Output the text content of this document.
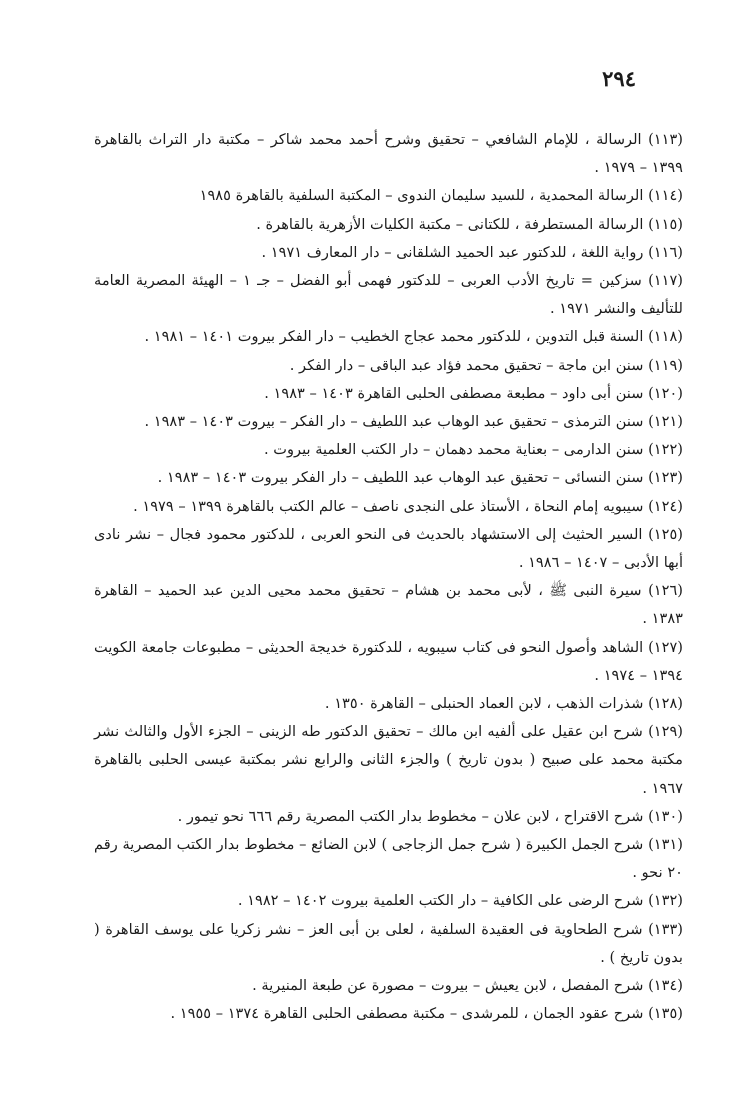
٢٩٤

(١١٣) الرسالة ، للإمام الشافعي – تحقيق وشرح أحمد محمد شاكر – مكتبة دار التراث بالقاهرة ١٣٩٩ – ١٩٧٩ .

(١١٤) الرسالة المحمدية ، للسيد سليمان الندوى – المكتبة السلفية بالقاهرة ١٩٨٥

(١١٥) الرسالة المستطرفة ، للكتانى – مكتبة الكليات الأزهرية بالقاهرة .

(١١٦) رواية اللغة ، للدكتور عبد الحميد الشلقانى – دار المعارف ١٩٧١ .

(١١٧) سزكين = تاريخ الأدب العربى – للدكتور فهمى أبو الفضل – جـ ١ – الهيئة المصرية العامة للتأليف والنشر ١٩٧١ .

(١١٨) السنة قبل التدوين ، للدكتور محمد عجاج الخطيب – دار الفكر بيروت ١٤٠١ – ١٩٨١ .

(١١٩) سنن ابن ماجة – تحقيق محمد فؤاد عبد الباقى – دار الفكر .

(١٢٠) سنن أبى داود – مطبعة مصطفى الحلبى القاهرة ١٤٠٣ – ١٩٨٣ .

(١٢١) سنن الترمذى – تحقيق عبد الوهاب عبد اللطيف – دار الفكر – بيروت ١٤٠٣ – ١٩٨٣ .

(١٢٢) سنن الدارمى – بعناية محمد دهمان – دار الكتب العلمية بيروت .

(١٢٣) سنن النسائى – تحقيق عبد الوهاب عبد اللطيف – دار الفكر بيروت ١٤٠٣ – ١٩٨٣ .

(١٢٤) سيبويه إمام النحاة ، الأستاذ على النجدى ناصف – عالم الكتب بالقاهرة ١٣٩٩ – ١٩٧٩ .

(١٢٥) السير الحثيث إلى الاستشهاد بالحديث فى النحو العربى ، للدكتور محمود فجال – نشر نادى أبها الأدبى – ١٤٠٧ – ١٩٨٦ .

(١٢٦) سيرة النبى ﷺ ، لأبى محمد بن هشام – تحقيق محمد محيى الدين عبد الحميد – القاهرة ١٣٨٣ .

(١٢٧) الشاهد وأصول النحو فى كتاب سيبويه ، للدكتورة خديجة الحديثى – مطبوعات جامعة الكويت ١٣٩٤ – ١٩٧٤ .

(١٢٨) شذرات الذهب ، لابن العماد الحنبلى – القاهرة ١٣٥٠ .

(١٢٩) شرح ابن عقيل على ألفيه ابن مالك – تحقيق الدكتور طه الزينى – الجزء الأول والثالث نشر مكتبة محمد على صبيح ( بدون تاريخ ) والجزء الثانى والرابع نشر بمكتبة عيسى الحلبى بالقاهرة ١٩٦٧ .

(١٣٠) شرح الاقتراح ، لابن علان – مخطوط بدار الكتب المصرية رقم ٦٦٦ نحو تيمور .

(١٣١) شرح الجمل الكبيرة ( شرح جمل الزجاجى ) لابن الضائع – مخطوط بدار الكتب المصرية رقم ٢٠ نحو .

(١٣٢) شرح الرضى على الكافية – دار الكتب العلمية بيروت ١٤٠٢ – ١٩٨٢ .

(١٣٣) شرح الطحاوية فى العقيدة السلفية ، لعلى بن أبى العز – نشر زكريا على يوسف القاهرة ( بدون تاريخ ) .

(١٣٤) شرح المفصل ، لابن يعيش – بيروت – مصورة عن طبعة المنيرية .

(١٣٥) شرح عقود الجمان ، للمرشدى – مكتبة مصطفى الحلبى القاهرة ١٣٧٤ – ١٩٥٥ .
